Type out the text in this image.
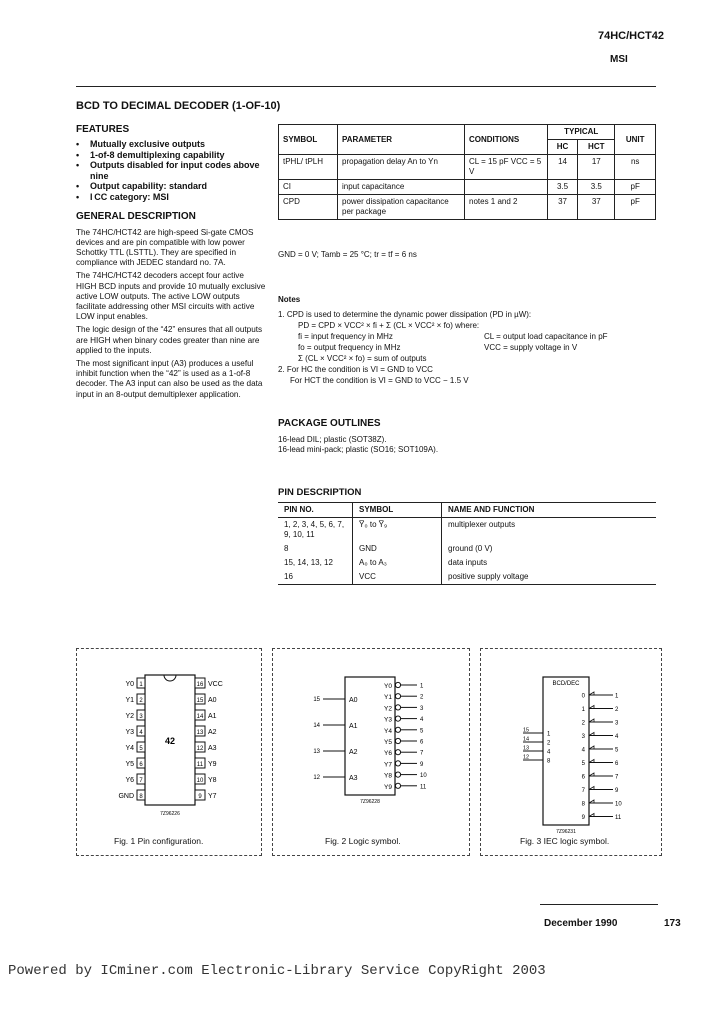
74HC/HCT42
MSI
BCD TO DECIMAL DECODER (1-OF-10)
FEATURES
• Mutually exclusive outputs
• 1-of-8 demultiplexing capability
• Outputs disabled for input codes above nine
• Output capability: standard
• I CC category: MSI
GENERAL DESCRIPTION

The 74HC/HCT42 are high-speed Si-gate CMOS devices and are pin compatible with low power Schottky TTL (LSTTL). They are specified in compliance with JEDEC standard no. 7A.

The 74HC/HCT42 decoders accept four active HIGH BCD inputs and provide 10 mutually exclusive active LOW outputs. The active LOW outputs facilitate addressing other MSI circuits with active LOW input enables.

The logic design of the “42” ensures that all outputs are HIGH when binary codes greater than nine are applied to the inputs.

The most significant input (A3) produces a useful inhibit function when the “42” is used as a 1-of-8 decoder. The A3 input can also be used as the data input in an 8-output demultiplexer application.

SYMBOL	PARAMETER	CONDITIONS	TYPICAL		UNIT
			HC	HCT	
tPHL/ tPLH	propagation delay An to Yn	CL = 15 pF VCC = 5 V	14	17	ns
CI	input capacitance		3.5	3.5	pF
CPD	power dissipation capacitance per package	notes 1 and 2	37	37	pF
GND = 0 V; Tamb = 25 °C; tr = tf = 6 ns
Notes
1. CPD is used to determine the dynamic power dissipation (PD in µW):
PD = CPD × VCC² × fi + Σ (CL × VCC² × fo) where:
fi = input frequency in MHz	CL = output load capacitance in pF
fo = output frequency in MHz	VCC = supply voltage in V
Σ (CL × VCC² × fo) = sum of outputs
2. For HC the condition is VI = GND to VCC
For HCT the condition is VI = GND to VCC − 1.5 V
PACKAGE OUTLINES
16-lead DIL; plastic (SOT38Z).
16-lead mini-pack; plastic (SO16; SOT109A).
PIN DESCRIPTION
PIN NO.	SYMBOL	NAME AND FUNCTION
1, 2, 3, 4, 5, 6, 7, 9, 10, 11	Y̅₀ to Y̅₉	multiplexer outputs
8	GND	ground (0 V)
15, 14, 13, 12	A₀ to A₃	data inputs
16	VCC	positive supply voltage
42
1
Y0
2
Y1
3
Y2
4
Y3
5
Y4
6
Y5
7
Y6
8
GND
16 VCC
15 A0
14 A1
13 A2
12 A3
11 Y9
10 Y8
9 Y7
7Z96226
Fig. 1 Pin configuration.
15	A0
14	A1
13	A2
12	A3
Y0	1
Y1	2
Y2	3
Y3	4
Y4	5
Y5	6
Y6	7
Y7	9
Y8	10
Y9	11
7Z96228
Fig. 2 Logic symbol.
BCD/DEC
15
1
14
2
13
4
12
8
0	1
1	2
2	3
3	4
4	5
5	6
6	7
7	9
8	10
9	11
7Z96231
Fig. 3 IEC logic symbol.
December 1990	173
Powered by ICminer.com Electronic-Library Service CopyRight 2003
